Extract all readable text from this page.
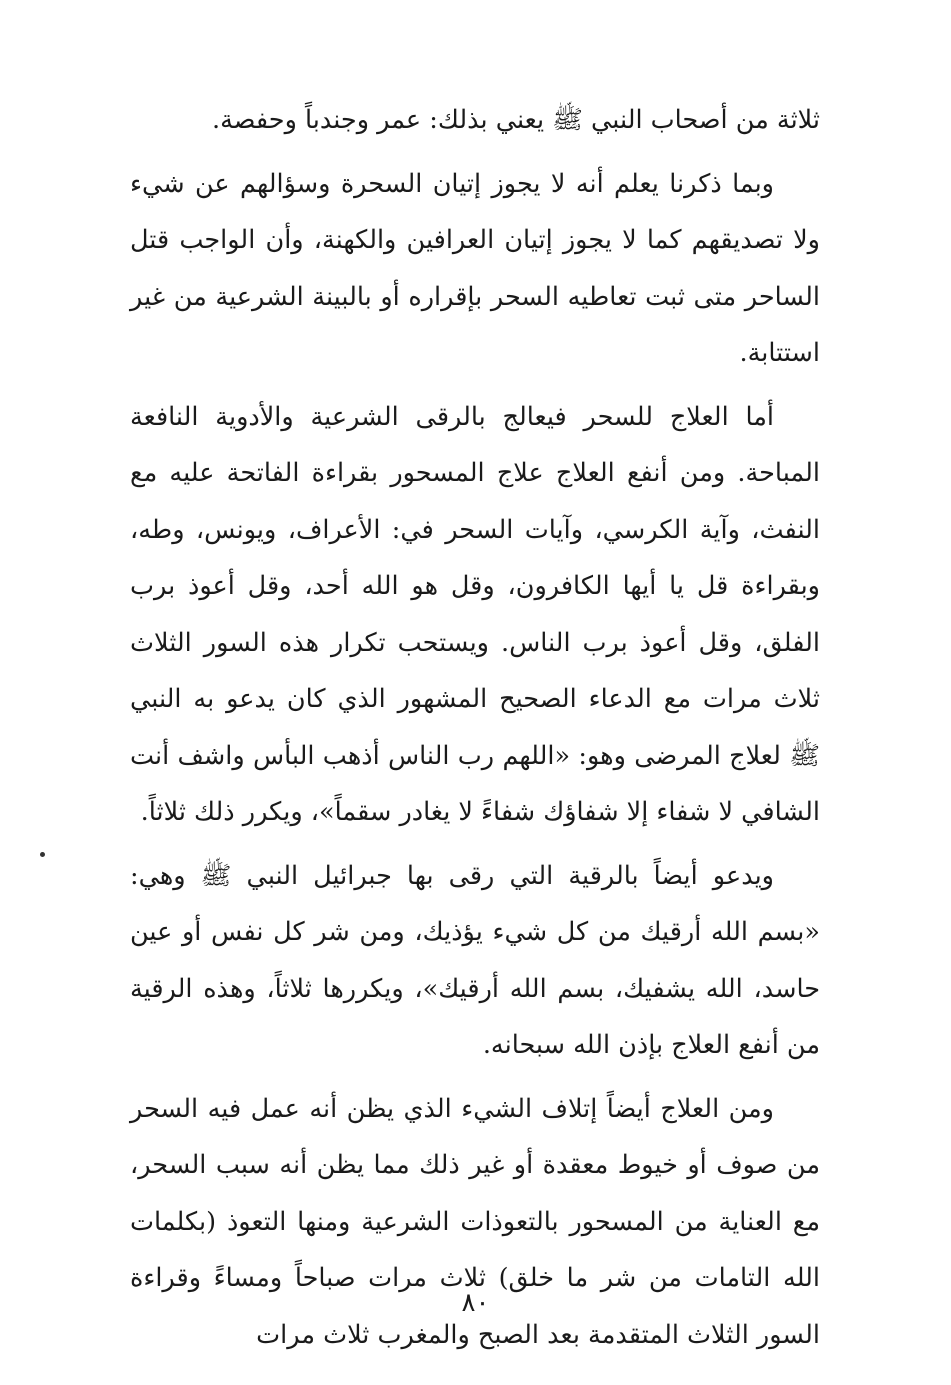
ثلاثة من أصحاب النبي ﷺ يعني بذلك: عمر وجندباً وحفصة.

وبما ذكرنا يعلم أنه لا يجوز إتيان السحرة وسؤالهم عن شيء ولا تصديقهم كما لا يجوز إتيان العرافين والكهنة، وأن الواجب قتل الساحر متى ثبت تعاطيه السحر بإقراره أو بالبينة الشرعية من غير استتابة.

أما العلاج للسحر فيعالج بالرقى الشرعية والأدوية النافعة المباحة. ومن أنفع العلاج علاج المسحور بقراءة الفاتحة عليه مع النفث، وآية الكرسي، وآيات السحر في: الأعراف، ويونس، وطه، وبقراءة قل يا أيها الكافرون، وقل هو الله أحد، وقل أعوذ برب الفلق، وقل أعوذ برب الناس. ويستحب تكرار هذه السور الثلاث ثلاث مرات مع الدعاء الصحيح المشهور الذي كان يدعو به النبي ﷺ لعلاج المرضى وهو: «اللهم رب الناس أذهب البأس واشف أنت الشافي لا شفاء إلا شفاؤك شفاءً لا يغادر سقماً»، ويكرر ذلك ثلاثاً.

ويدعو أيضاً بالرقية التي رقى بها جبرائيل النبي ﷺ وهي: «بسم الله أرقيك من كل شيء يؤذيك، ومن شر كل نفس أو عين حاسد، الله يشفيك، بسم الله أرقيك»، ويكررها ثلاثاً، وهذه الرقية من أنفع العلاج بإذن الله سبحانه.

ومن العلاج أيضاً إتلاف الشيء الذي يظن أنه عمل فيه السحر من صوف أو خيوط معقدة أو غير ذلك مما يظن أنه سبب السحر، مع العناية من المسحور بالتعوذات الشرعية ومنها التعوذ (بكلمات الله التامات من شر ما خلق) ثلاث مرات صباحاً ومساءً وقراءة السور الثلاث المتقدمة بعد الصبح والمغرب ثلاث مرات

٨٠
